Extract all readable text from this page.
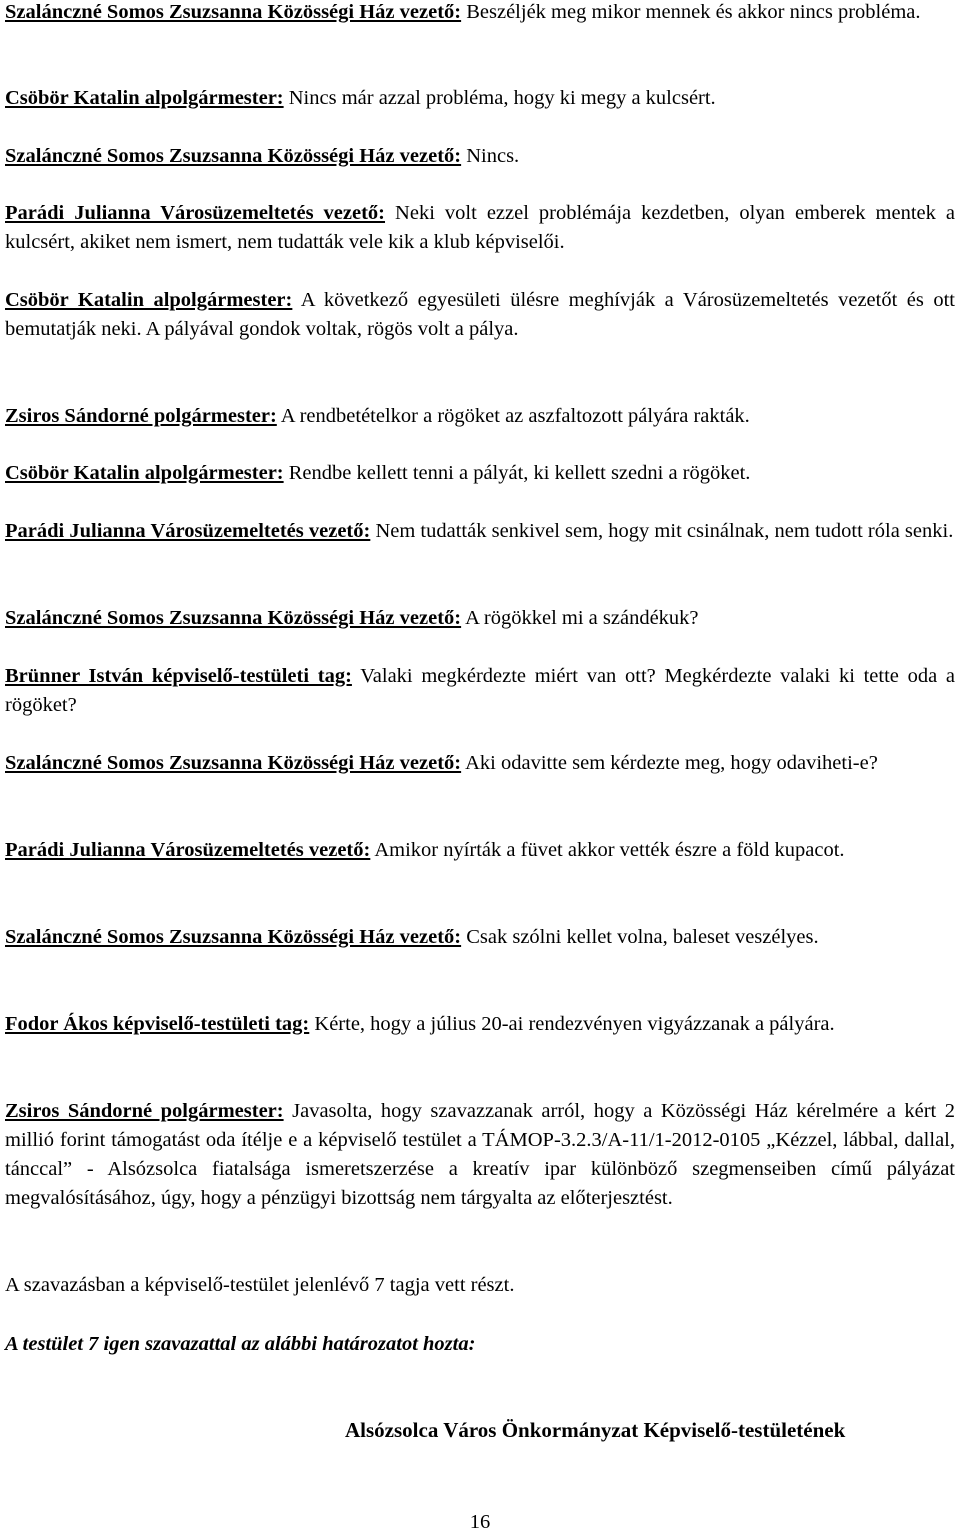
Szalánczné Somos Zsuzsanna Közösségi Ház vezető: Beszéljék meg mikor mennek és akkor nincs probléma.

Csöbör Katalin alpolgármester: Nincs már azzal probléma, hogy ki megy a kulcsért.

Szalánczné Somos Zsuzsanna Közösségi Ház vezető: Nincs.

Parádi Julianna Városüzemeltetés vezető: Neki volt ezzel problémája kezdetben, olyan emberek mentek a kulcsért, akiket nem ismert, nem tudatták vele kik a klub képviselői.

Csöbör Katalin alpolgármester: A következő egyesületi ülésre meghívják a Városüzemeltetés vezetőt és ott bemutatják neki. A pályával gondok voltak, rögös volt a pálya.

Zsiros Sándorné polgármester: A rendbetételkor a rögöket az aszfaltozott pályára rakták.

Csöbör Katalin alpolgármester: Rendbe kellett tenni a pályát, ki kellett szedni a rögöket.

Parádi Julianna Városüzemeltetés vezető: Nem tudatták senkivel sem, hogy mit csinálnak, nem tudott róla senki.

Szalánczné Somos Zsuzsanna Közösségi Ház vezető: A rögökkel mi a szándékuk?

Brünner István képviselő-testületi tag: Valaki megkérdezte miért van ott? Megkérdezte valaki ki tette oda a rögöket?

Szalánczné Somos Zsuzsanna Közösségi Ház vezető: Aki odavitte sem kérdezte meg, hogy odaviheti-e?

Parádi Julianna Városüzemeltetés vezető: Amikor nyírták a füvet akkor vették észre a föld kupacot.

Szalánczné Somos Zsuzsanna Közösségi Ház vezető: Csak szólni kellet volna, baleset veszélyes.

Fodor Ákos képviselő-testületi tag: Kérte, hogy a július 20-ai rendezvényen vigyázzanak a pályára.

Zsiros Sándorné polgármester: Javasolta, hogy szavazzanak arról, hogy a Közösségi Ház kérelmére a kért 2 millió forint támogatást oda ítélje e a képviselő testület a TÁMOP-3.2.3/A-11/1-2012-0105 „Kézzel, lábbal, dallal, tánccal” - Alsózsolca fiatalsága ismeretszerzése a kreatív ipar különböző szegmenseiben című pályázat megvalósításához, úgy, hogy a pénzügyi bizottság nem tárgyalta az előterjesztést.

A szavazásban a képviselő-testület jelenlévő 7 tagja vett részt.

A testület 7 igen szavazattal az alábbi határozatot hozta:

Alsózsolca Város Önkormányzat Képviselő-testületének

16
